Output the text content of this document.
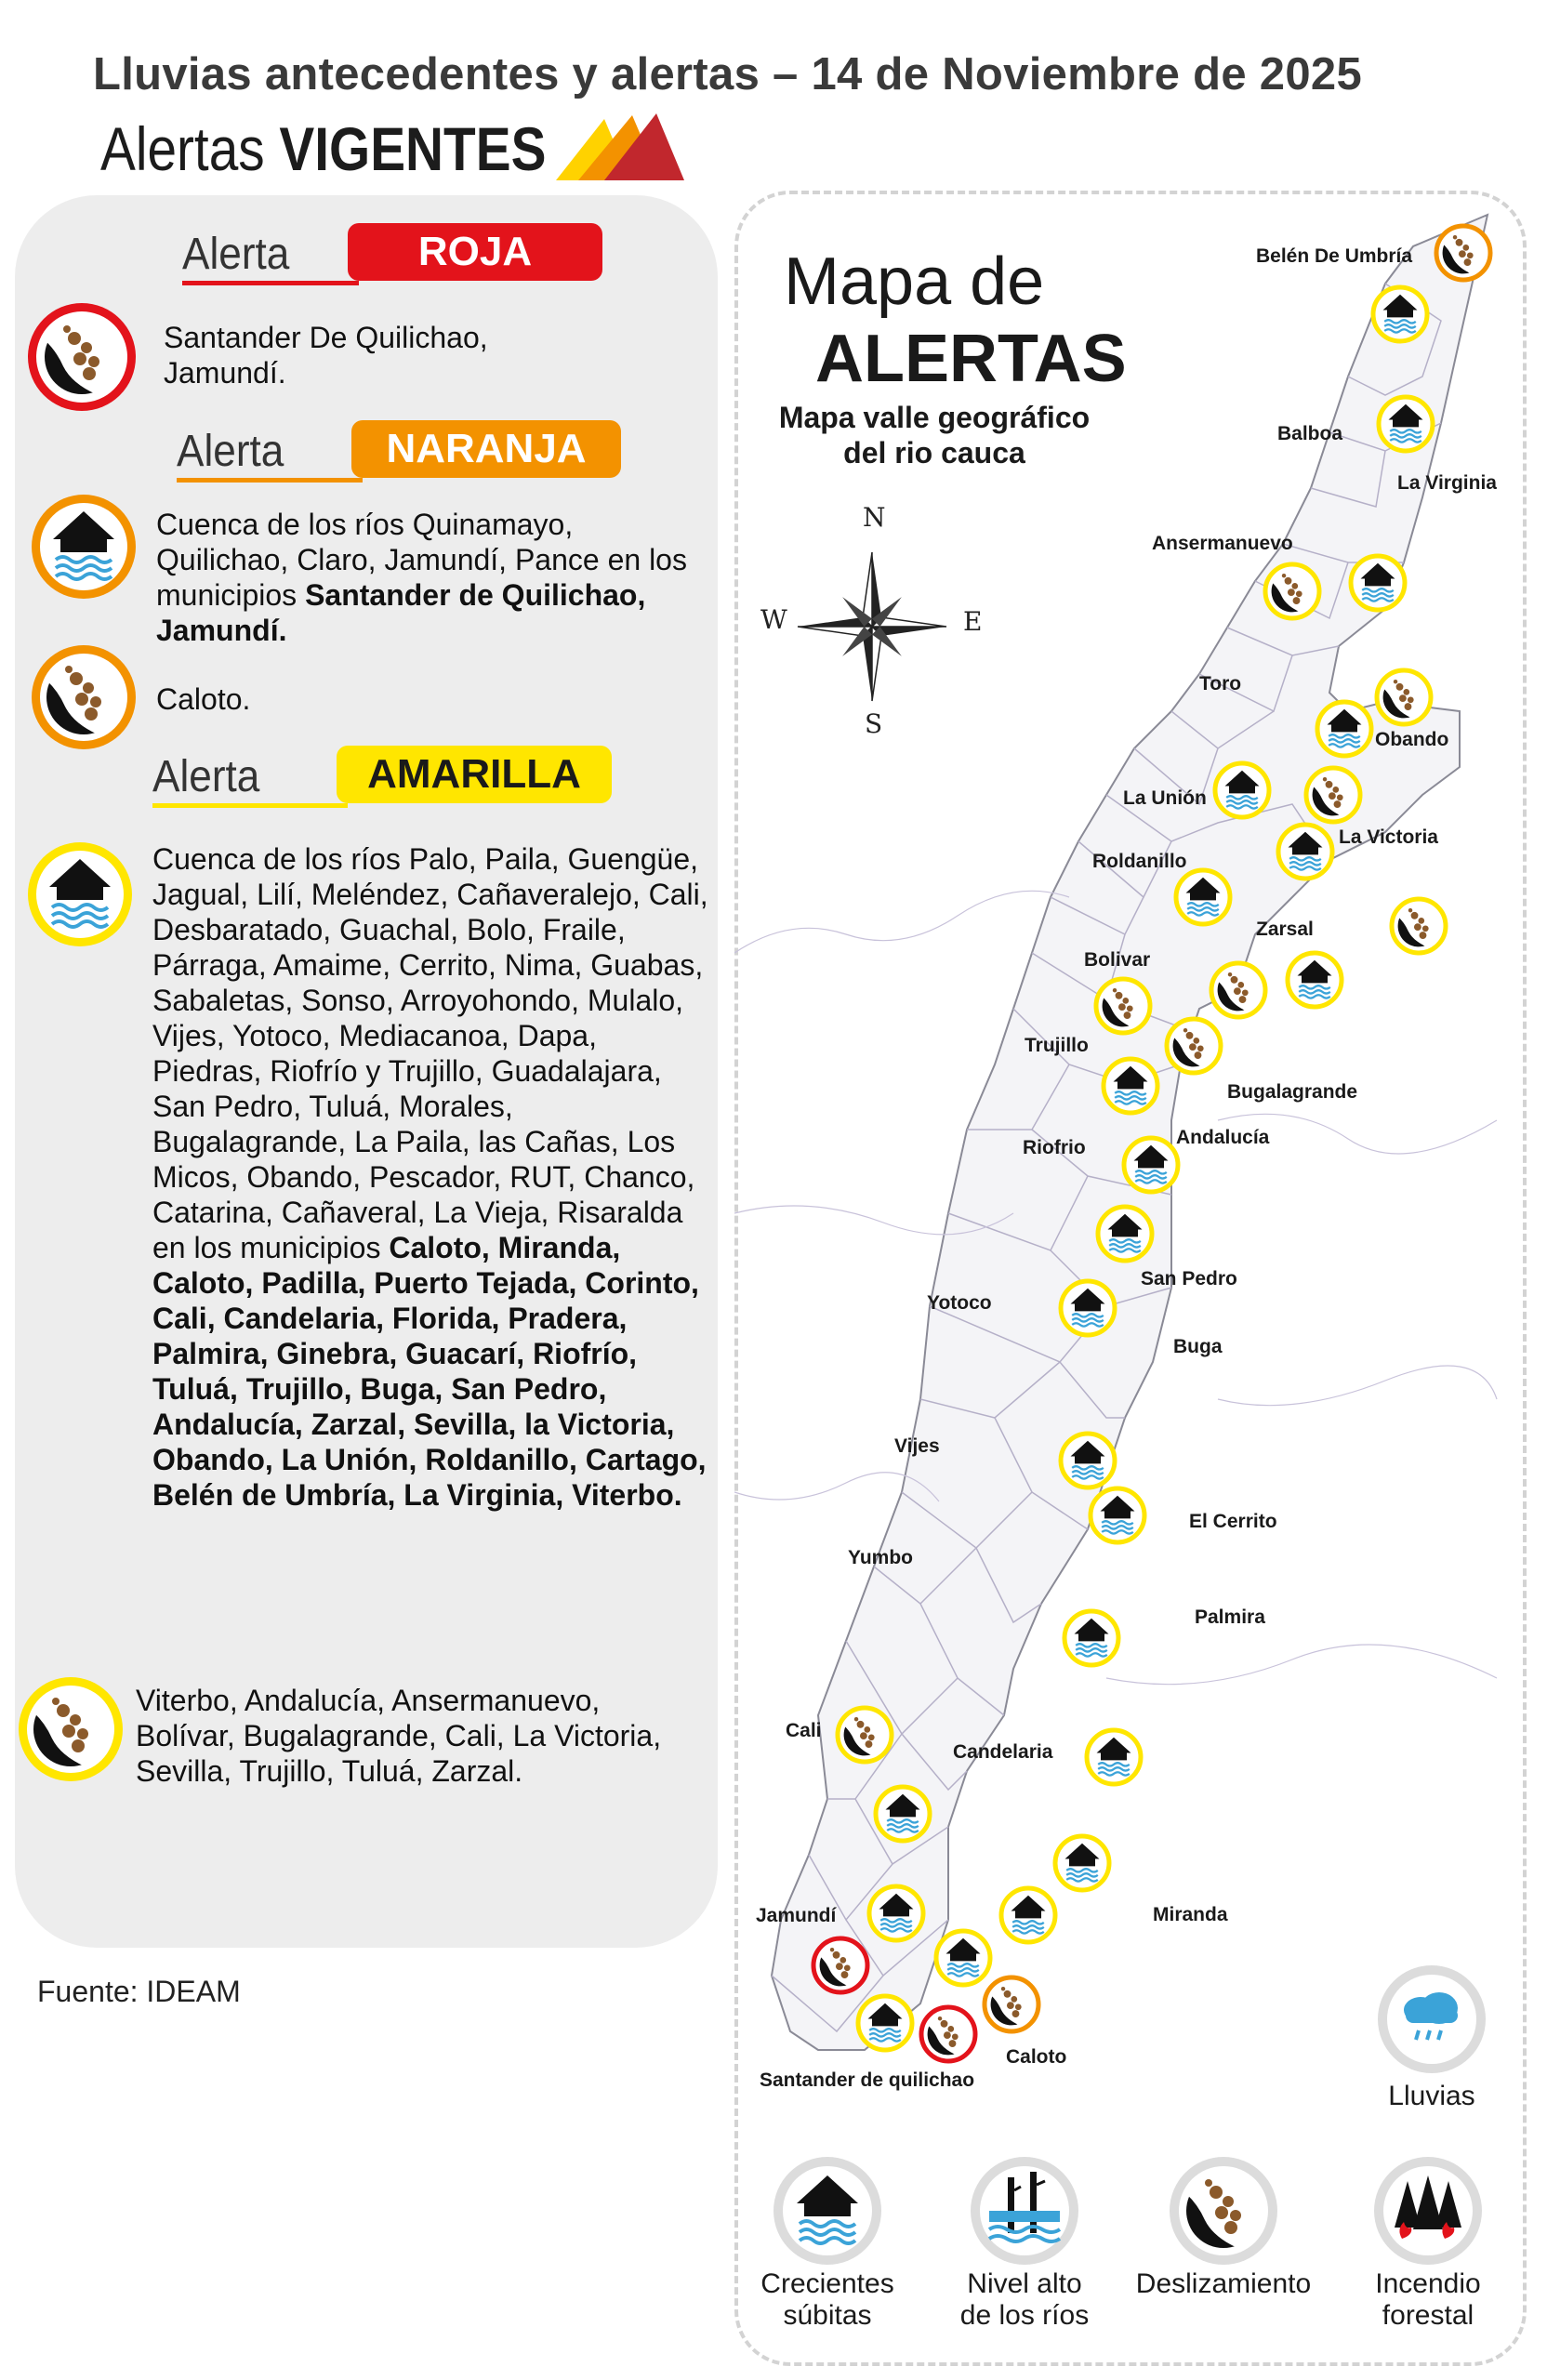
Lluvias antecedentes y alertas – 14 de Noviembre de 2025
Alertas VIGENTES
Alerta	ROJA
Santander De Quilichao, Jamundí.
Alerta	NARANJA
Cuenca de los ríos Quinamayo, Quilichao, Claro, Jamundí, Pance en los municipios Santander de Quilichao, Jamundí.
Caloto.
Alerta	AMARILLA
Cuenca de los ríos Palo, Paila, Guengüe, Jagual, Lilí, Meléndez, Cañaveralejo, Cali, Desbaratado, Guachal, Bolo, Fraile, Párraga, Amaime, Cerrito, Nima, Guabas, Sabaletas, Sonso, Arroyohondo, Mulalo, Vijes, Yotoco, Mediacanoa, Dapa, Piedras, Riofrío y Trujillo, Guadalajara, San Pedro, Tuluá, Morales, Bugalagrande, La Paila, las Cañas, Los Micos, Obando, Pescador, RUT, Chanco, Catarina, Cañaveral, La Vieja, Risaralda en los municipios Caloto, Miranda, Caloto, Padilla, Puerto Tejada, Corinto, Cali, Candelaria, Florida, Pradera, Palmira, Ginebra, Guacarí, Riofrío, Tuluá, Trujillo, Buga, San Pedro, Andalucía, Zarzal, Sevilla, la Victoria, Obando, La Unión, Roldanillo, Cartago, Belén de Umbría, La Virginia, Viterbo.
Viterbo, Andalucía, Ansermanuevo, Bolívar, Bugalagrande, Cali, La Victoria, Sevilla, Trujillo, Tuluá, Zarzal.
Fuente: IDEAM
Mapa de
ALERTAS
Mapa valle geográfico del rio cauca
N
S
E
W
Belén De Umbría
Balboa
La Virginia
Ansermanuevo
Toro
Obando
La Unión
La Victoria
Roldanillo
Zarsal
Bolivar
Trujillo
Bugalagrande
Andalucía
Riofrio
San Pedro
Yotoco
Buga
Vijes
El Cerrito
Yumbo
Palmira
Cali
Candelaria
Jamundí	Miranda
Caloto
Santander de quilichao
Lluvias
Crecientes súbitas
Nivel alto de los ríos
Deslizamiento	Incendio forestal
